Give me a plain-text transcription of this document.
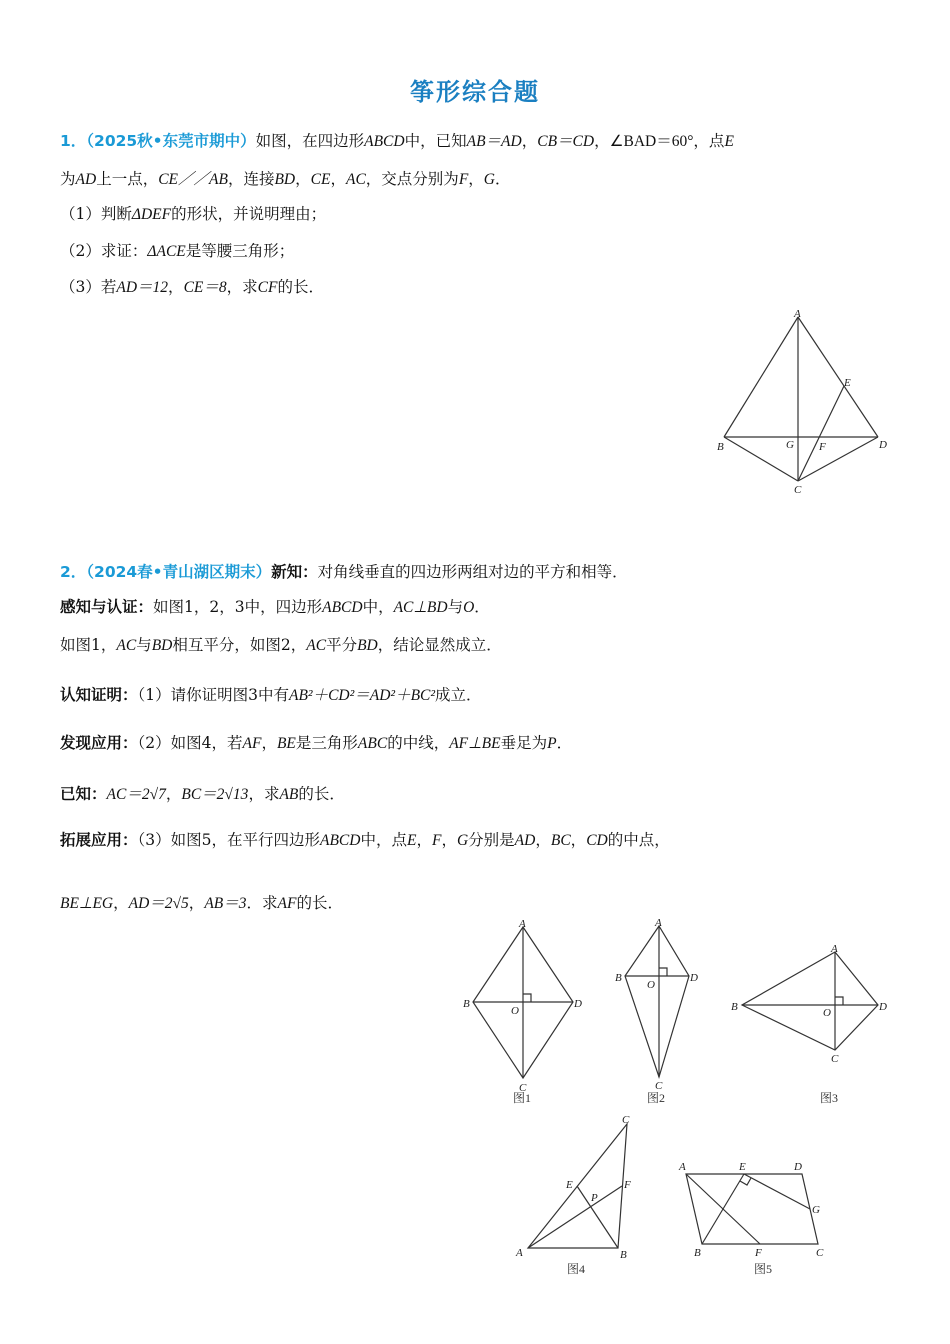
筝形综合题
1．（2025秋•东莞市期中）如图，在四边形ABCD中，已知AB＝AD，CB＝CD，∠BAD＝60°，点E
为AD上一点，CE／／AB，连接BD，CE，AC，交点分别为F，G．
（1）判断ΔDEF的形状，并说明理由；
（2）求证：ΔACE是等腰三角形；
（3）若AD＝12，CE＝8，求CF的长．
A
B
C
D
E
F
G
2．（2024春•青山湖区期末）新知：对角线垂直的四边形两组对边的平方和相等．
感知与认证：如图1，2，3中，四边形ABCD中，AC⊥BD与O．
如图1，AC与BD相互平分，如图2，AC平分BD，结论显然成立．
认知证明：（1）请你证明图3中有AB²＋CD²＝AD²＋BC²成立．
发现应用：（2）如图4，若AF，BE是三角形ABC的中线，AF⊥BE垂足为P．
已知：AC＝2√7，BC＝2√13，求AB的长．
拓展应用：（3）如图5，在平行四边形ABCD中，点E，F，G分别是AD，BC，CD的中点，
BE⊥EG，AD＝2√5，AB＝3．求AF的长．
A
B
C
D
O
图1
A
B
C
D
O
图2
A
B
C
D
O
图3
A	B
C
E	F
P
图4
A	E	D
G
B	F	C
图5
